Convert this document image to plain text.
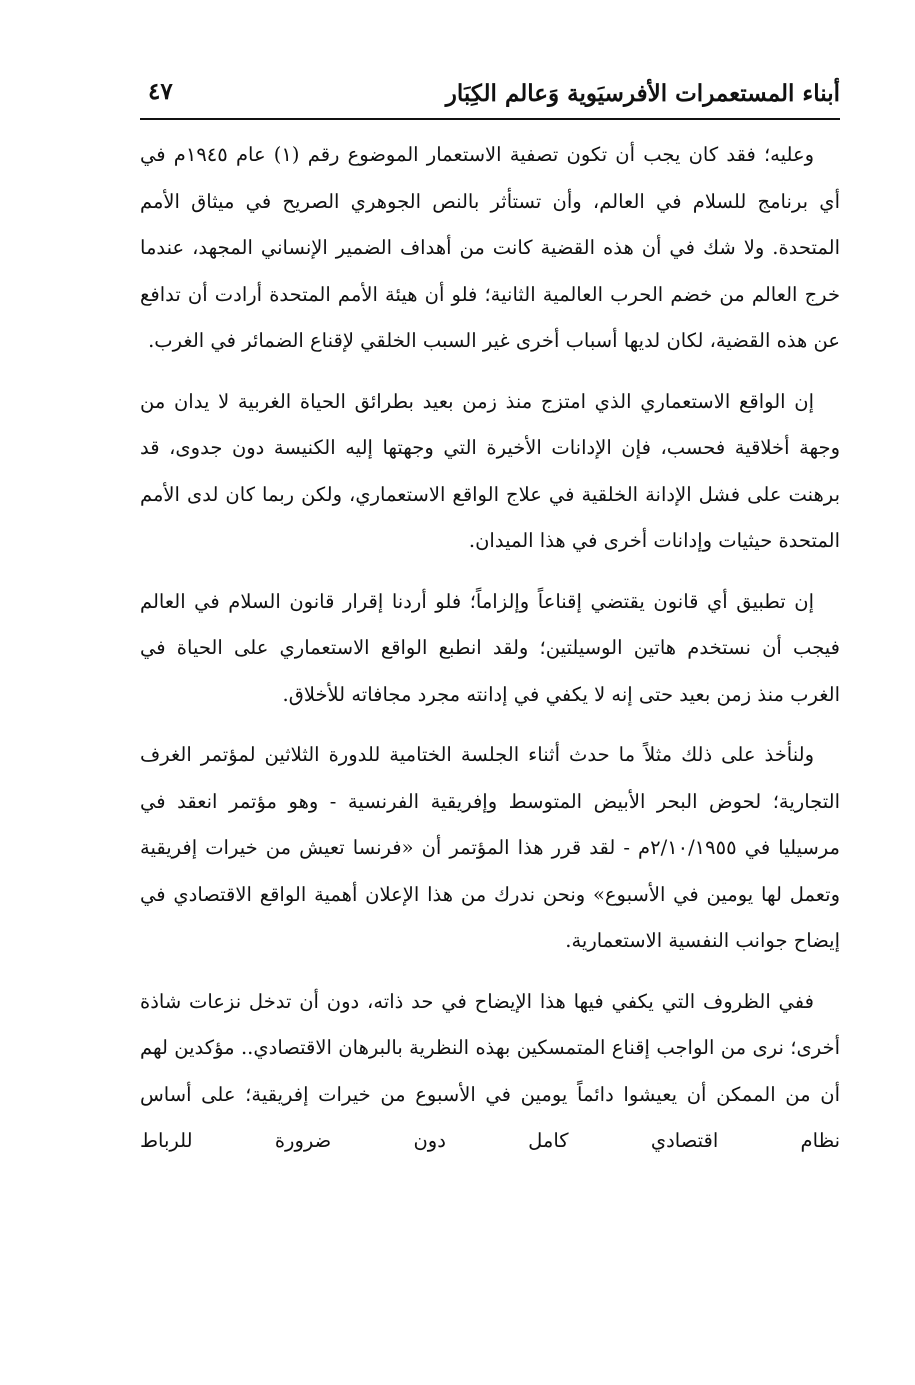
أبناء المستعمرات الأفرسيَوية وَعالم الكِبَار
٤٧

وعليه؛ فقد كان يجب أن تكون تصفية الاستعمار الموضوع رقم (١) عام ١٩٤٥م في أي برنامج للسلام في العالم، وأن تستأثر بالنص الجوهري الصريح في ميثاق الأمم المتحدة. ولا شك في أن هذه القضية كانت من أهداف الضمير الإنساني المجهد، عندما خرج العالم من خضم الحرب العالمية الثانية؛ فلو أن هيئة الأمم المتحدة أرادت أن تدافع عن هذه القضية، لكان لديها أسباب أخرى غير السبب الخلقي لإقناع الضمائر في الغرب.

إن الواقع الاستعماري الذي امتزج منذ زمن بعيد بطرائق الحياة الغربية لا يدان من وجهة أخلاقية فحسب، فإن الإدانات الأخيرة التي وجهتها إليه الكنيسة دون جدوى، قد برهنت على فشل الإدانة الخلقية في علاج الواقع الاستعماري، ولكن ربما كان لدى الأمم المتحدة حيثيات وإدانات أخرى في هذا الميدان.

إن تطبيق أي قانون يقتضي إقناعاً وإلزاماً؛ فلو أردنا إقرار قانون السلام في العالم فيجب أن نستخدم هاتين الوسيلتين؛ ولقد انطبع الواقع الاستعماري على الحياة في الغرب منذ زمن بعيد حتى إنه لا يكفي في إدانته مجرد مجافاته للأخلاق.

ولنأخذ على ذلك مثلاً ما حدث أثناء الجلسة الختامية للدورة الثلاثين لمؤتمر الغرف التجارية؛ لحوض البحر الأبيض المتوسط وإفريقية الفرنسية - وهو مؤتمر انعقد في مرسيليا في ٢/١٠/١٩٥٥م - لقد قرر هذا المؤتمر أن «فرنسا تعيش من خيرات إفريقية وتعمل لها يومين في الأسبوع» ونحن ندرك من هذا الإعلان أهمية الواقع الاقتصادي في إيضاح جوانب النفسية الاستعمارية.

ففي الظروف التي يكفي فيها هذا الإيضاح في حد ذاته، دون أن تدخل نزعات شاذة أخرى؛ نرى من الواجب إقناع المتمسكين بهذه النظرية بالبرهان الاقتصادي.. مؤكدين لهم أن من الممكن أن يعيشوا دائماً يومين في الأسبوع من خيرات إفريقية؛ على أساس نظام اقتصادي كامل دون ضرورة للرباط
